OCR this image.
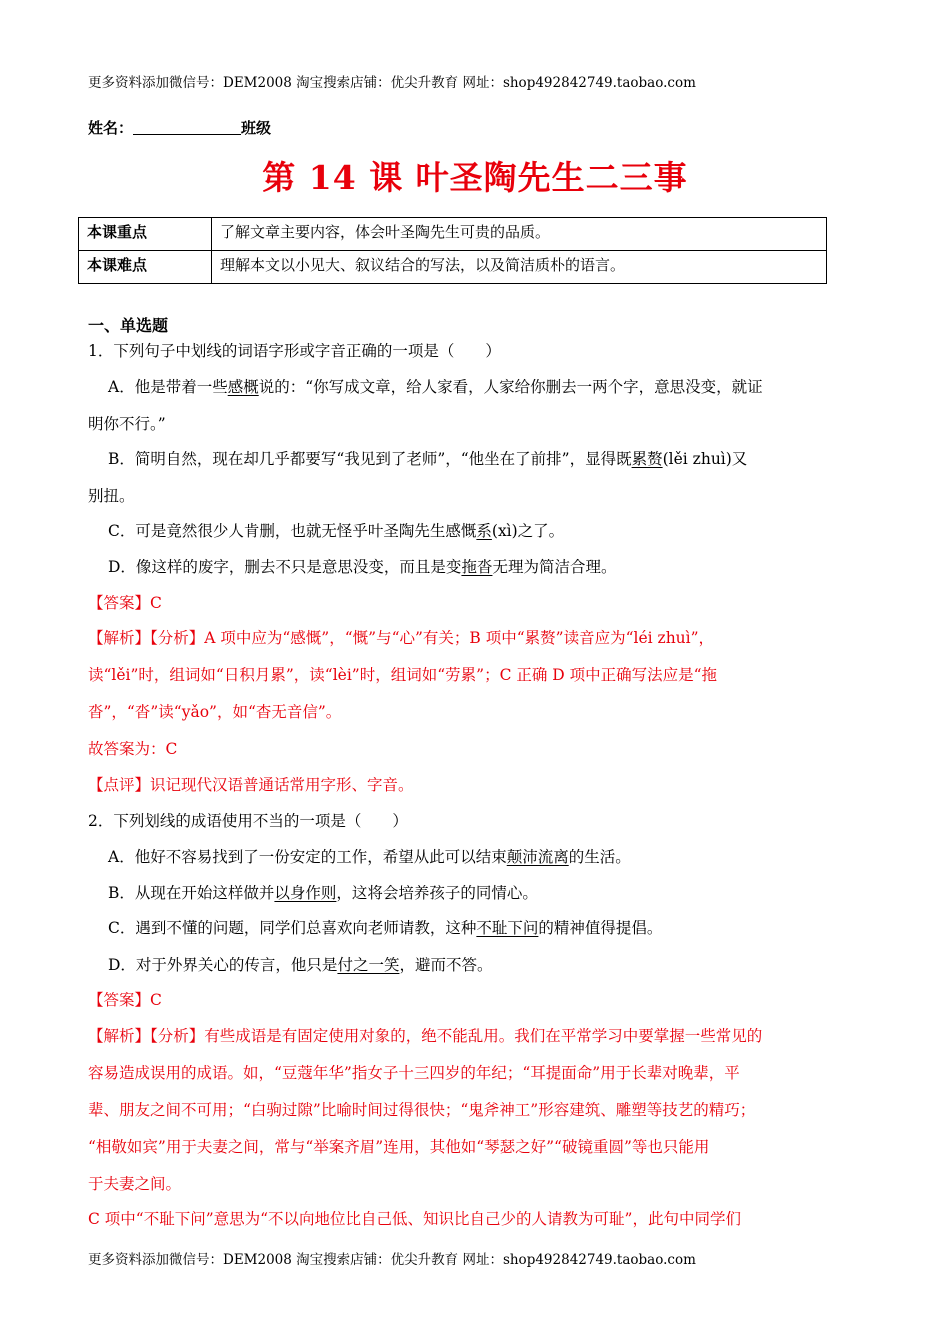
更多资料添加微信号：DEM2008 淘宝搜索店铺：优尖升教育 网址：shop492842749.taobao.com
姓名：	班级
第 14 课 叶圣陶先生二三事
本课重点	了解文章主要内容，体会叶圣陶先生可贵的品质。
本课难点	理解本文以小见大、叙议结合的写法，以及简洁质朴的语言。
一、单选题
1．下列句子中划线的词语字形或字音正确的一项是（　　）
A．他是带着一些感概说的：“你写成文章，给人家看，人家给你删去一两个字，意思没变，就证
明你不行。”
B．简明自然，现在却几乎都要写“我见到了老师”，“他坐在了前排”，显得既累赘(lěi zhuì)又
别扭。
C．可是竟然很少人肯删，也就无怪乎叶圣陶先生感慨系(xì)之了。
D．像这样的废字，删去不只是意思没变，而且是变拖沓无理为简洁合理。
【答案】C
【解析】【分析】A 项中应为“感慨”，“慨”与“心”有关；B 项中“累赘”读音应为“léi zhuì”，
读“lěi”时，组词如“日积月累”，读“lèi”时，组词如“劳累”；C 正确 D 项中正确写法应是“拖
沓”，“沓”读“yǎo”，如“杳无音信”。
故答案为：C
【点评】识记现代汉语普通话常用字形、字音。
2．下列划线的成语使用不当的一项是（　　）
A．他好不容易找到了一份安定的工作，希望从此可以结束颠沛流离的生活。
B．从现在开始这样做并以身作则，这将会培养孩子的同情心。
C．遇到不懂的问题，同学们总喜欢向老师请教，这种不耻下问的精神值得提倡。
D．对于外界关心的传言，他只是付之一笑，避而不答。
【答案】C
【解析】【分析】有些成语是有固定使用对象的，绝不能乱用。我们在平常学习中要掌握一些常见的
容易造成误用的成语。如，“豆蔻年华”指女子十三四岁的年纪；“耳提面命”用于长辈对晚辈，平
辈、朋友之间不可用；“白驹过隙”比喻时间过得很快；“鬼斧神工”形容建筑、雕塑等技艺的精巧；
“相敬如宾”用于夫妻之间，常与“举案齐眉”连用，其他如“琴瑟之好”“破镜重圆”等也只能用
于夫妻之间。
C 项中“不耻下问”意思为“不以向地位比自己低、知识比自己少的人请教为可耻”，此句中同学们
更多资料添加微信号：DEM2008 淘宝搜索店铺：优尖升教育 网址：shop492842749.taobao.com
